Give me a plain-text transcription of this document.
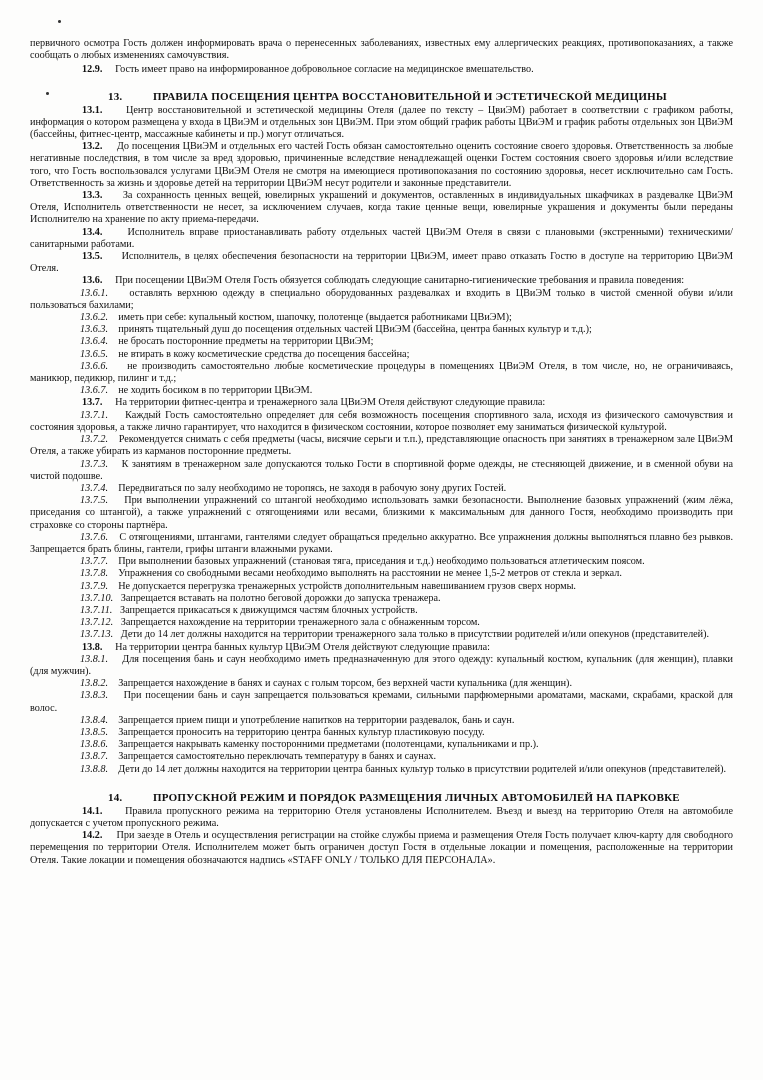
первичного осмотра Гость должен информировать врача о перенесенных заболеваниях, известных ему аллергических реакциях, противопоказаниях, а также сообщать о любых изменениях самочувствия.

12.9. Гость имеет право на информированное добровольное согласие на медицинское вмешательство.

13.	ПРАВИЛА ПОСЕЩЕНИЯ ЦЕНТРА ВОССТАНОВИТЕЛЬНОЙ И ЭСТЕТИЧЕСКОЙ МЕДИЦИНЫ

13.1. Центр восстановительной и эстетической медицины Отеля (далее по тексту – ЦвиЭМ) работает в соответствии с графиком работы, информация о котором размещена у входа в ЦВиЭМ и отдельных зон ЦВиЭМ. При этом общий график работы ЦВиЭМ и график работы отдельных зон ЦВиЭМ (бассейны, фитнес-центр, массажные кабинеты и пр.) могут отличаться.

13.2. До посещения ЦВиЭМ и отдельных его частей Гость обязан самостоятельно оценить состояние своего здоровья. Ответственность за любые негативные последствия, в том числе за вред здоровью, причиненные вследствие ненадлежащей оценки Гостем состояния своего здоровья и/или вследствие того, что Гость воспользовался услугами ЦВиЭМ Отеля не смотря на имеющиеся противопоказания по состоянию здоровья, несет исключительно сам Гость. Ответственность за жизнь и здоровье детей на территории ЦВиЭМ несут родители и законные представители.

13.3. За сохранность ценных вещей, ювелирных украшений и документов, оставленных в индивидуальных шкафчиках в раздевалке ЦВиЭМ Отеля, Исполнитель ответственности не несет, за исключением случаев, когда такие ценные вещи, ювелирные украшения и документы были переданы Исполнителю на хранение по акту приема-передачи.

13.4. Исполнитель вправе приостанавливать работу отдельных частей ЦВиЭМ Отеля в связи с плановыми (экстренными) техническими/санитарными работами.

13.5. Исполнитель, в целях обеспечения безопасности на территории ЦВиЭМ, имеет право отказать Гостю в доступе на территорию ЦВиЭМ Отеля.

13.6. При посещении ЦВиЭМ Отеля Гость обязуется соблюдать следующие санитарно-гигиенические требования и правила поведения:

13.6.1. оставлять верхнюю одежду в специально оборудованных раздевалках и входить в ЦВиЭМ только в чистой сменной обуви и/или пользоваться бахилами;

13.6.2. иметь при себе: купальный костюм, шапочку, полотенце (выдается работниками ЦВиЭМ);

13.6.3. принять тщательный душ до посещения отдельных частей ЦВиЭМ (бассейна, центра банных культур и т.д.);

13.6.4. не бросать посторонние предметы на территории ЦВиЭМ;

13.6.5. не втирать в кожу косметические средства до посещения бассейна;

13.6.6. не производить самостоятельно любые косметические процедуры в помещениях ЦВиЭМ Отеля, в том числе, но, не ограничиваясь, маникюр, педикюр, пилинг и т.д.;

13.6.7. не ходить босиком в по территории ЦВиЭМ.

13.7. На территории фитнес-центра и тренажерного зала ЦВиЭМ Отеля действуют следующие правила:

13.7.1. Каждый Гость самостоятельно определяет для себя возможность посещения спортивного зала, исходя из физического самочувствия и состояния здоровья, а также лично гарантирует, что находится в физическом состоянии, которое позволяет ему заниматься физической культурой.

13.7.2. Рекомендуется снимать с себя предметы (часы, висячие серьги и т.п.), представляющие опасность при занятиях в тренажерном зале ЦВиЭМ Отеля, а также убирать из карманов посторонние предметы.

13.7.3. К занятиям в тренажерном зале допускаются только Гости в спортивной форме одежды, не стесняющей движение, и в сменной обуви на чистой подошве.

13.7.4. Передвигаться по залу необходимо не торопясь, не заходя в рабочую зону других Гостей.

13.7.5. При выполнении упражнений со штангой необходимо использовать замки безопасности. Выполнение базовых упражнений (жим лёжа, приседания со штангой), а также упражнений с отягощениями или весами, близкими к максимальным для данного Гостя, необходимо производить при страховке со стороны партнёра.

13.7.6. С отягощениями, штангами, гантелями следует обращаться предельно аккуратно. Все упражнения должны выполняться плавно без рывков. Запрещается брать блины, гантели, грифы штанги влажными руками.

13.7.7. При выполнении базовых упражнений (становая тяга, приседания и т.д.) необходимо пользоваться атлетическим поясом.

13.7.8. Упражнения со свободными весами необходимо выполнять на расстоянии не менее 1,5-2 метров от стекла и зеркал.

13.7.9. Не допускается перегрузка тренажерных устройств дополнительным навешиванием грузов сверх нормы.

13.7.10. Запрещается вставать на полотно беговой дорожки до запуска тренажера.

13.7.11. Запрещается прикасаться к движущимся частям блочных устройств.

13.7.12. Запрещается нахождение на территории тренажерного зала с обнаженным торсом.

13.7.13. Дети до 14 лет должны находится на территории тренажерного зала только в присутствии родителей и/или опекунов (представителей).

13.8. На территории центра банных культур ЦВиЭМ Отеля действуют следующие правила:

13.8.1. Для посещения бань и саун необходимо иметь предназначенную для этого одежду: купальный костюм, купальник (для женщин), плавки (для мужчин).

13.8.2. Запрещается нахождение в банях и саунах с голым торсом, без верхней части купальника (для женщин).

13.8.3. При посещении бань и саун запрещается пользоваться кремами, сильными парфюмерными ароматами, масками, скрабами, краской для волос.

13.8.4. Запрещается прием пищи и употребление напитков на территории раздевалок, бань и саун.

13.8.5. Запрещается проносить на территорию центра банных культур пластиковую посуду.

13.8.6. Запрещается накрывать каменку посторонними предметами (полотенцами, купальниками и пр.).

13.8.7. Запрещается самостоятельно переключать температуру в банях и саунах.

13.8.8. Дети до 14 лет должны находится на территории центра банных культур только в присутствии родителей и/или опекунов (представителей).

14.	ПРОПУСКНОЙ РЕЖИМ И ПОРЯДОК РАЗМЕЩЕНИЯ ЛИЧНЫХ АВТОМОБИЛЕЙ НА ПАРКОВКЕ

14.1. Правила пропускного режима на территорию Отеля установлены Исполнителем. Въезд и выезд на территорию Отеля на автомобиле допускается с учетом пропускного режима.

14.2. При заезде в Отель и осуществления регистрации на стойке службы приема и размещения Отеля Гость получает ключ-карту для свободного перемещения по территории Отеля. Исполнителем может быть ограничен доступ Гостя в отдельные локации и помещения, расположенные на территории Отеля. Такие локации и помещения обозначаются надпись «STAFF ONLY / ТОЛЬКО ДЛЯ ПЕРСОНАЛА».
